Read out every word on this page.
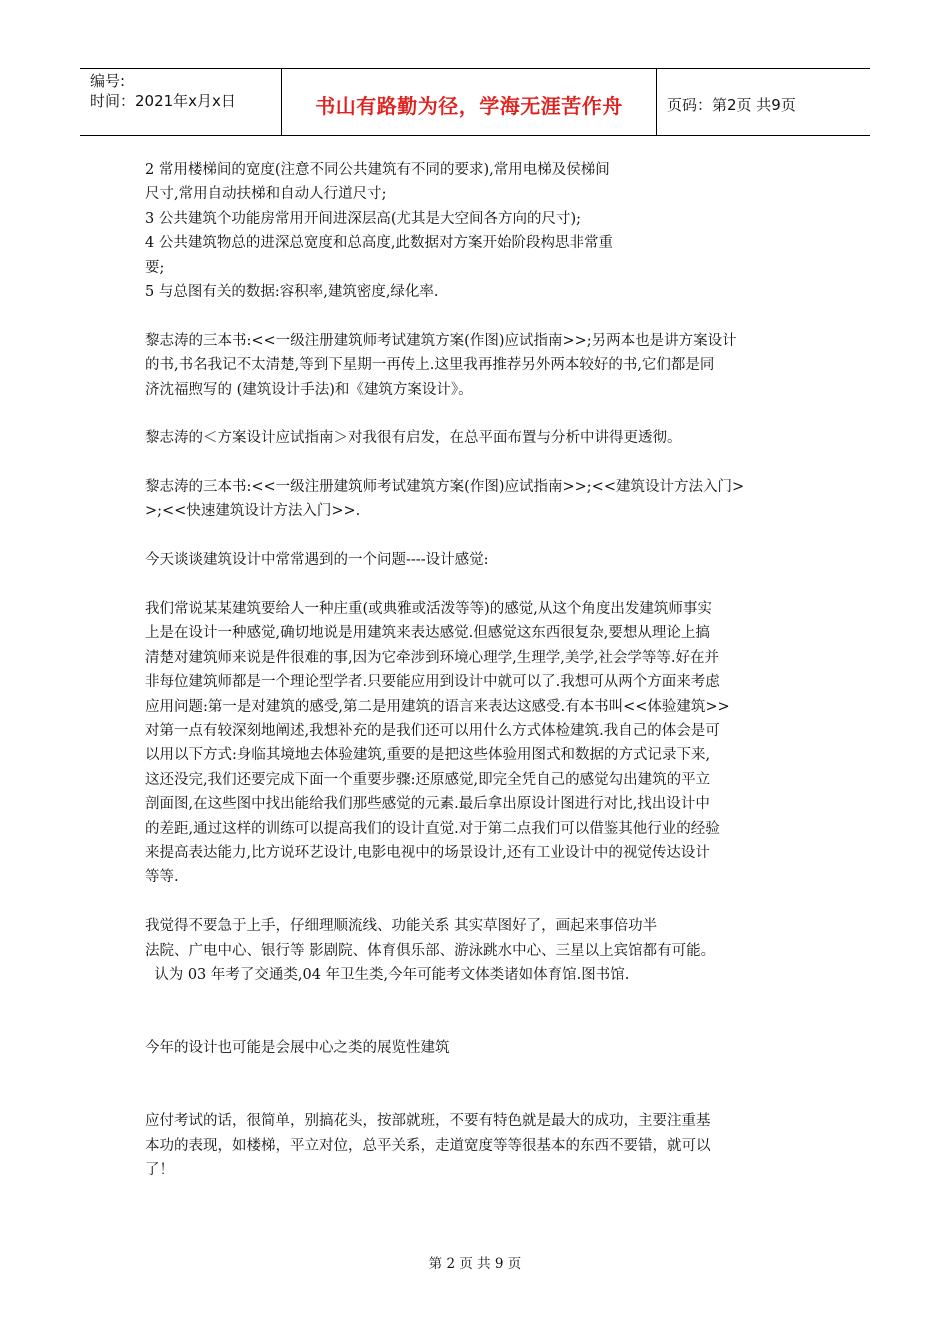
编号:
时间：2021年x月x日	书山有路勤为径，学海无涯苦作舟	页码：第2页 共9页
2 常用楼梯间的宽度(注意不同公共建筑有不同的要求),常用电梯及侯梯间
尺寸,常用自动扶梯和自动人行道尺寸;
3 公共建筑个功能房常用开间进深层高(尤其是大空间各方向的尺寸);
4 公共建筑物总的进深总宽度和总高度,此数据对方案开始阶段构思非常重
要;
5 与总图有关的数据:容积率,建筑密度,绿化率.
黎志涛的三本书:<<一级注册建筑师考试建筑方案(作图)应试指南>>;另两本也是讲方案设计
的书,书名我记不太清楚,等到下星期一再传上.这里我再推荐另外两本较好的书,它们都是同
济沈福煦写的 (建筑设计手法)和《建筑方案设计》。
黎志涛的＜方案设计应试指南＞对我很有启发，在总平面布置与分析中讲得更透彻。
黎志涛的三本书:<<一级注册建筑师考试建筑方案(作图)应试指南>>;<<建筑设计方法入门>
>;<<快速建筑设计方法入门>>.
今天谈谈建筑设计中常常遇到的一个问题----设计感觉:
我们常说某某建筑要给人一种庄重(或典雅或活泼等等)的感觉,从这个角度出发建筑师事实
上是在设计一种感觉,确切地说是用建筑来表达感觉.但感觉这东西很复杂,要想从理论上搞
清楚对建筑师来说是件很难的事,因为它牵涉到环境心理学,生理学,美学,社会学等等.好在并
非每位建筑师都是一个理论型学者.只要能应用到设计中就可以了.我想可从两个方面来考虑
应用问题:第一是对建筑的感受,第二是用建筑的语言来表达这感受.有本书叫<<体验建筑>>
对第一点有较深刻地阐述,我想补充的是我们还可以用什么方式体检建筑.我自己的体会是可
以用以下方式:身临其境地去体验建筑,重要的是把这些体验用图式和数据的方式记录下来,
这还没完,我们还要完成下面一个重要步骤:还原感觉,即完全凭自己的感觉勾出建筑的平立
剖面图,在这些图中找出能给我们那些感觉的元素.最后拿出原设计图进行对比,找出设计中
的差距,通过这样的训练可以提高我们的设计直觉.对于第二点我们可以借鉴其他行业的经验
来提高表达能力,比方说环艺设计,电影电视中的场景设计,还有工业设计中的视觉传达设计
等等.
我觉得不要急于上手，仔细理顺流线、功能关系 其实草图好了，画起来事倍功半
法院、广电中心、银行等 影剧院、体育俱乐部、游泳跳水中心、三星以上宾馆都有可能。
认为 03 年考了交通类,04 年卫生类,今年可能考文体类诸如体育馆.图书馆.
今年的设计也可能是会展中心之类的展览性建筑
应付考试的话，很简单，别搞花头，按部就班，不要有特色就是最大的成功，主要注重基
本功的表现，如楼梯，平立对位，总平关系，走道宽度等等很基本的东西不要错，就可以
了！
第 2 页 共 9 页
